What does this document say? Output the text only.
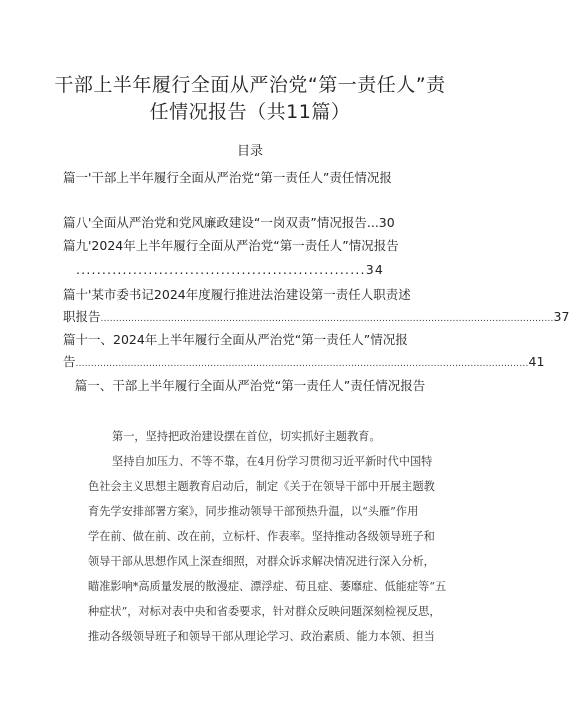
干部上半年履行全面从严治党“第一责任人”责
任情况报告（共11篇）
目录
篇一'干部上半年履行全面从严治党“第一责任人”责任情况报
篇八'全面从严治党和党风廉政建设“一岗双责”情况报告...30
篇九'2024年上半年履行全面从严治党“第一责任人”情况报告
........................................................34
篇十'某市委书记2024年度履行推进法治建设第一责任人职责述
职报告 .................................................................................................................................................... 37
篇十一、2024年上半年履行全面从严治党“第一责任人”情况报
告 .................................................................................................................................................... 41
篇一、干部上半年履行全面从严治党“第一责任人”责任情况报告
第一，坚持把政治建设摆在首位，切实抓好主题教育。
坚持自加压力、不等不靠，在4月份学习贯彻习近平新时代中国特
色社会主义思想主题教育启动后，制定《关于在领导干部中开展主题教
育先学安排部署方案》，同步推动领导干部预热升温，以“头雁”作用
学在前、做在前、改在前，立标杆、作表率。坚持推动各级领导班子和
领导干部从思想作风上深查细照，对群众诉求解决情况进行深入分析，
瞄准影响*高质量发展的散漫症、漂浮症、荀且症、萎靡症、低能症等“五
种症状”，对标对表中央和省委要求，针对群众反映问题深刻检视反思，
推动各级领导班子和领导干部从理论学习、政治素质、能力本领、担当
